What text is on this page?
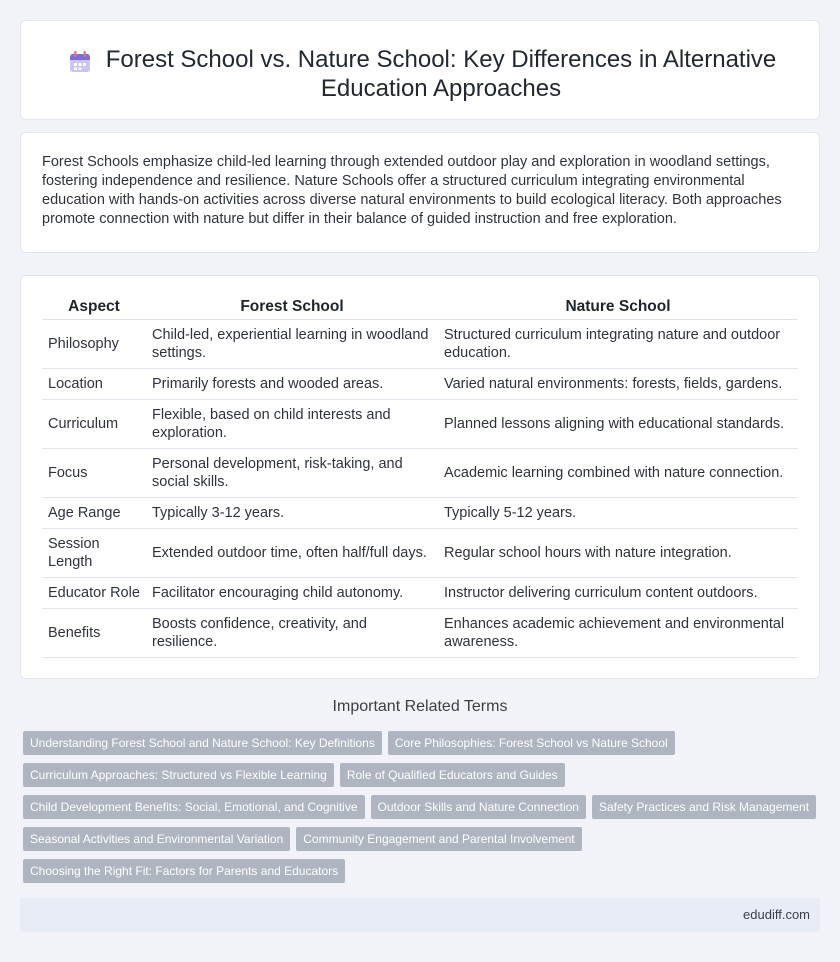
Forest School vs. Nature School: Key Differences in Alternative Education Approaches

Forest Schools emphasize child-led learning through extended outdoor play and exploration in woodland settings, fostering independence and resilience. Nature Schools offer a structured curriculum integrating environmental education with hands-on activities across diverse natural environments to build ecological literacy. Both approaches promote connection with nature but differ in their balance of guided instruction and free exploration.

Aspect	Forest School	Nature School
Philosophy	Child-led, experiential learning in woodland settings.	Structured curriculum integrating nature and outdoor education.
Location	Primarily forests and wooded areas.	Varied natural environments: forests, fields, gardens.
Curriculum	Flexible, based on child interests and exploration.	Planned lessons aligning with educational standards.
Focus	Personal development, risk-taking, and social skills.	Academic learning combined with nature connection.
Age Range	Typically 3-12 years.	Typically 5-12 years.
Session Length	Extended outdoor time, often half/full days.	Regular school hours with nature integration.
Educator Role	Facilitator encouraging child autonomy.	Instructor delivering curriculum content outdoors.
Benefits	Boosts confidence, creativity, and resilience.	Enhances academic achievement and environmental awareness.
Important Related Terms
Understanding Forest School and Nature School: Key Definitions Core Philosophies: Forest School vs Nature School
Curriculum Approaches: Structured vs Flexible Learning Role of Qualified Educators and Guides
Child Development Benefits: Social, Emotional, and Cognitive Outdoor Skills and Nature Connection Safety Practices and Risk Management
Seasonal Activities and Environmental Variation Community Engagement and Parental Involvement
Choosing the Right Fit: Factors for Parents and Educators
edudiff.com
